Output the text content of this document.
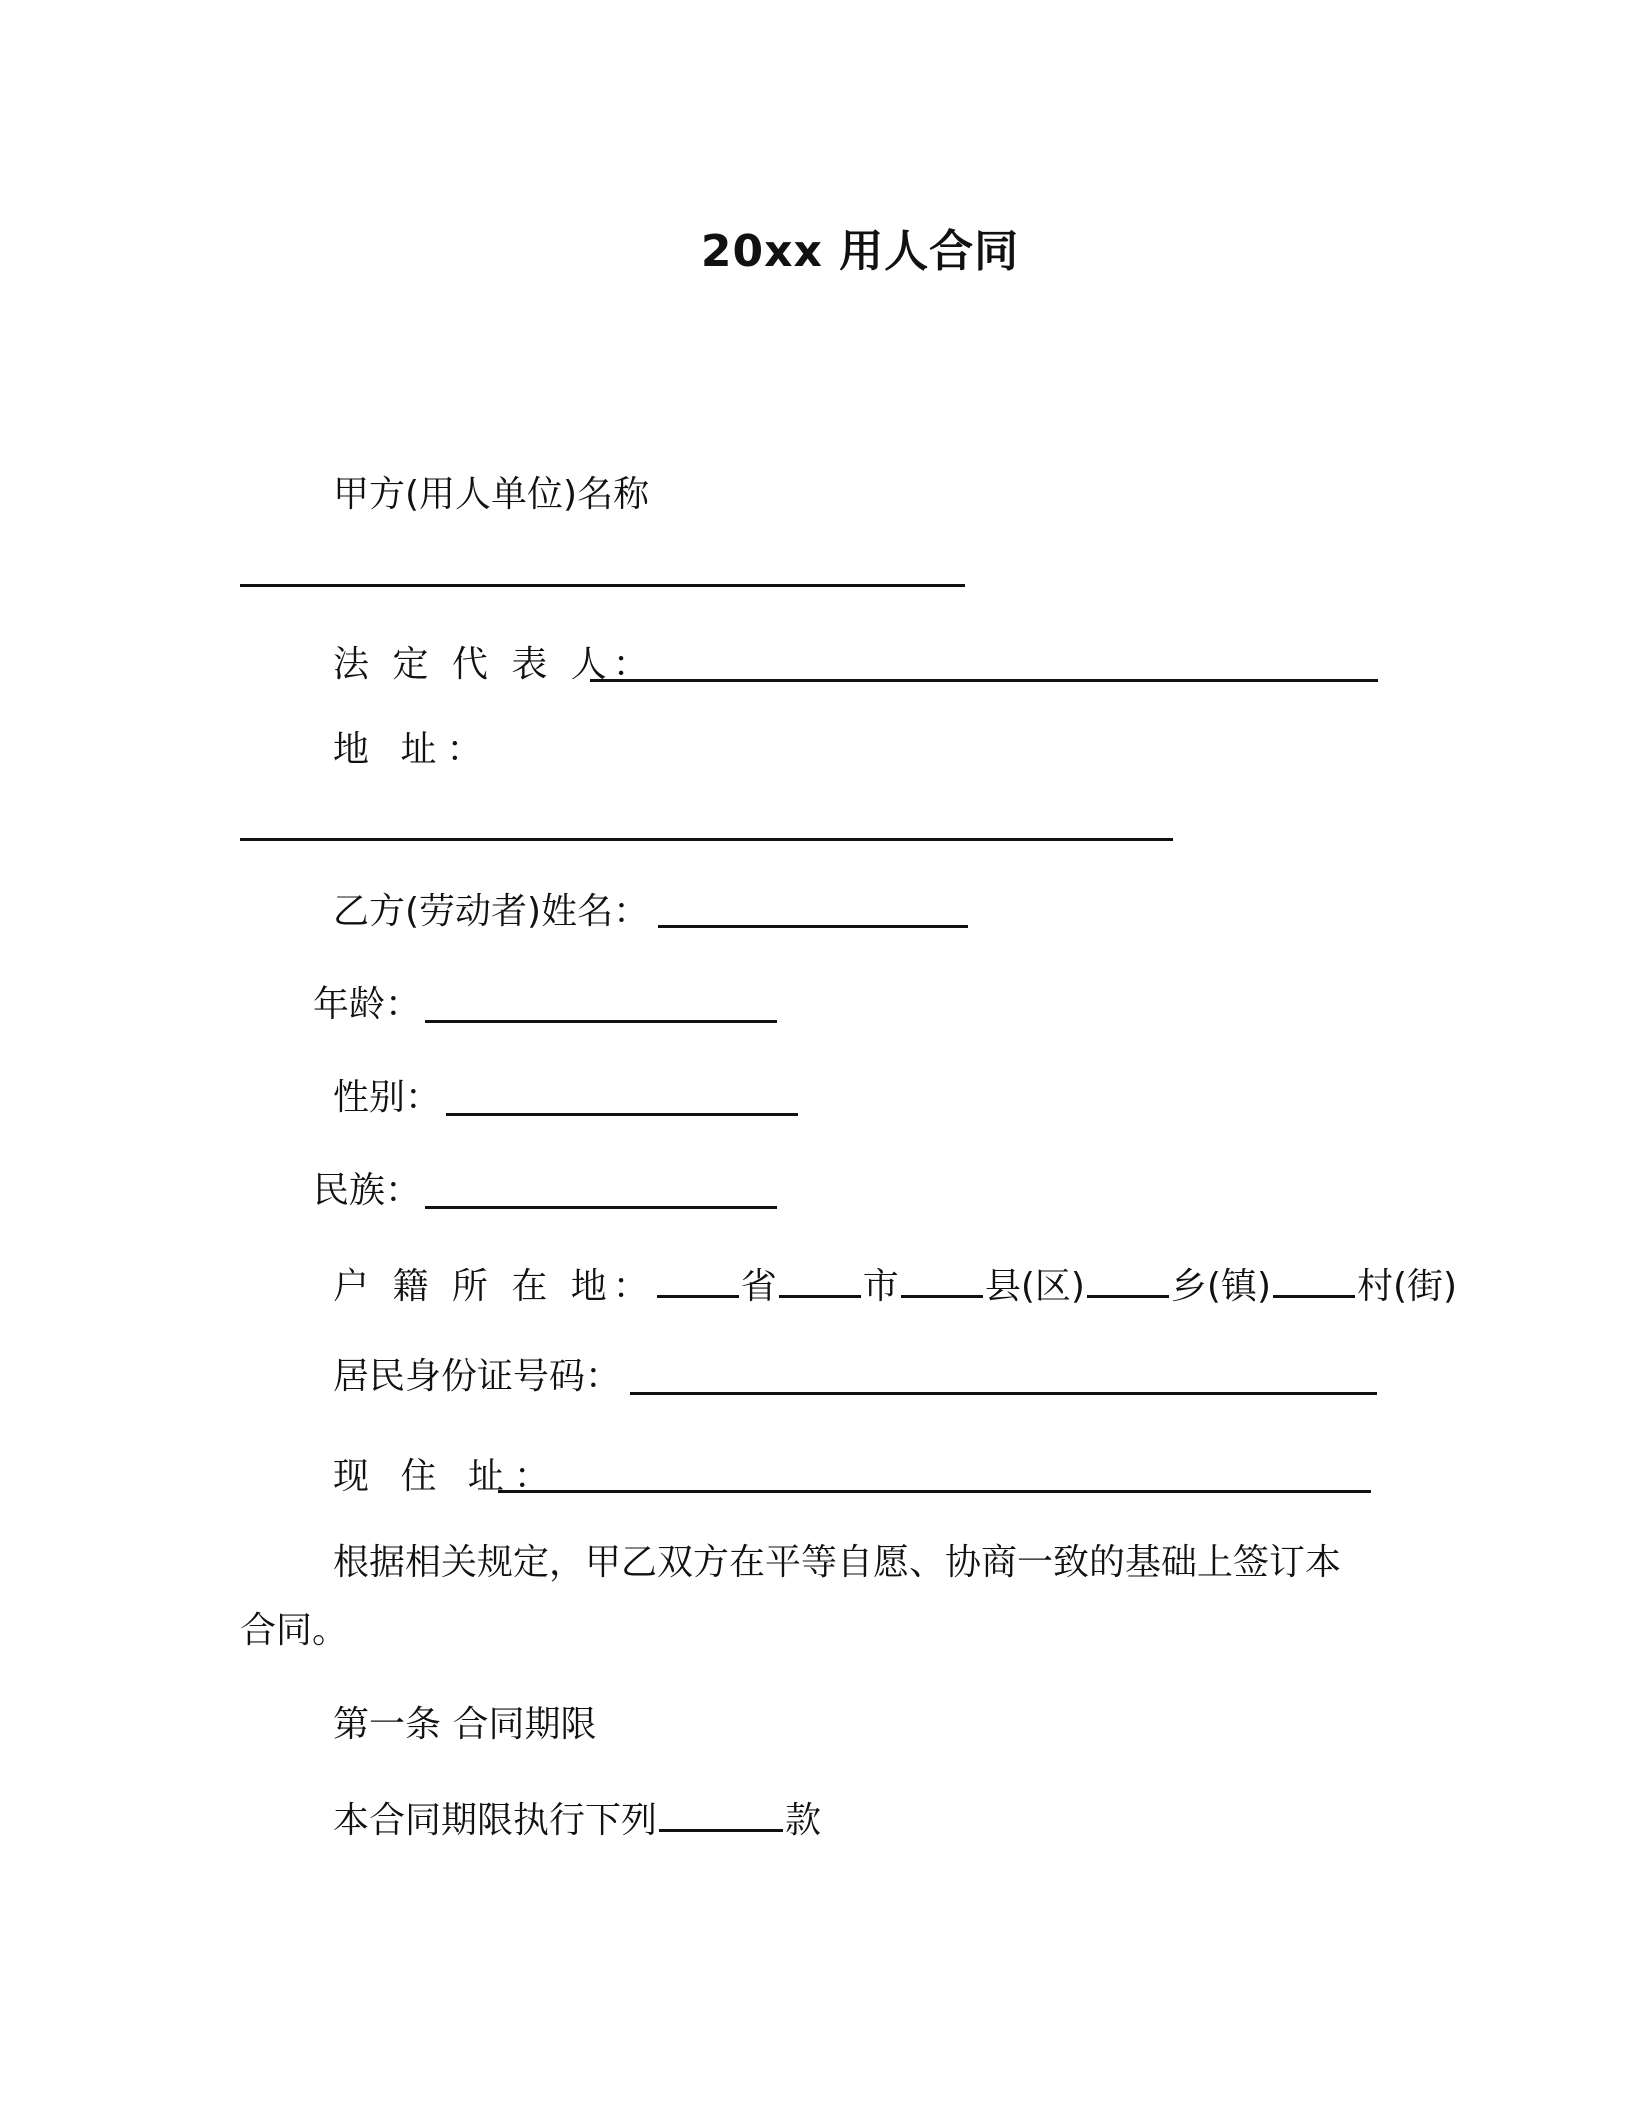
20xx 用人合同
甲方(用人单位)名称
法 定 代 表 人：
地 址：
乙方(劳动者)姓名：
年龄：
性别：
民族：
户 籍 所 在 地： 省 市 县(区) 乡(镇) 村(街)
居民身份证号码：
现 住 址：
根据相关规定，甲乙双方在平等自愿、协商一致的基础上签订本
合同。
第一条 合同期限
本合同期限执行下列	款
